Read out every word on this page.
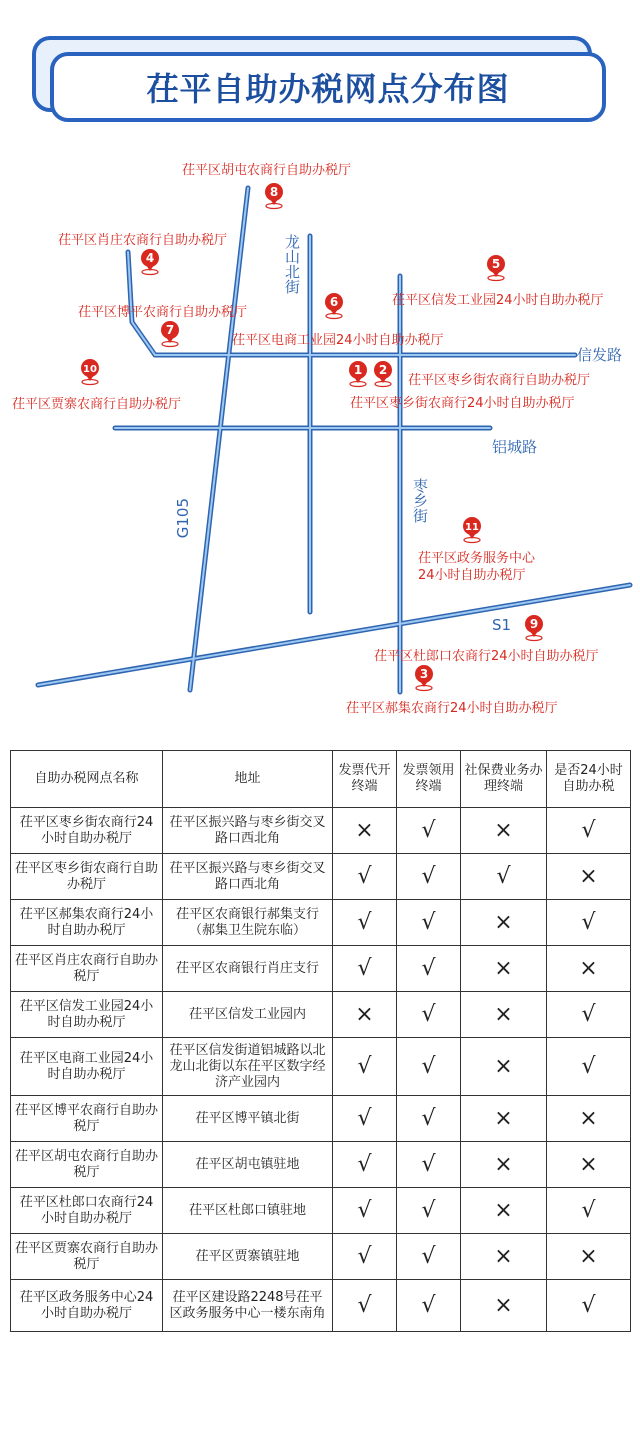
茌平自助办税网点分布图
1 2
3
4	5
6
7
8
9
10
11
信发路
铝城路
龙山北街
枣乡街
G105
S1
茌平区胡屯农商行自助办税厅
茌平区肖庄农商行自助办税厅
茌平区信发工业园24小时自助办税厅
茌平区博平农商行自助办税厅
茌平区电商工业园24小时自助办税厅
茌平区枣乡街农商行自助办税厅
茌平区贾寨农商行自助办税厅	茌平区枣乡街农商行24小时自助办税厅
茌平区政务服务中心
24小时自助办税厅
茌平区杜郎口农商行24小时自助办税厅
茌平区郝集农商行24小时自助办税厅
自助办税网点名称	地址	发票代开终端	发票领用终端	社保费业务办理终端	是否24小时自助办税
茌平区枣乡街农商行24小时自助办税厅	茌平区振兴路与枣乡街交叉路口西北角	×	√	×	√
茌平区枣乡街农商行自助办税厅	茌平区振兴路与枣乡街交叉路口西北角	√	√	√	×
茌平区郝集农商行24小时自助办税厅	茌平区农商银行郝集支行（郝集卫生院东临）	√	√	×	√
茌平区肖庄农商行自助办税厅	茌平区农商银行肖庄支行	√	√	×	×
茌平区信发工业园24小时自助办税厅	茌平区信发工业园内	×	√	×	√
茌平区电商工业园24小时自助办税厅	茌平区信发街道铝城路以北龙山北街以东茌平区数字经济产业园内	√	√	×	√
茌平区博平农商行自助办税厅	茌平区博平镇北街	√	√	×	×
茌平区胡屯农商行自助办税厅	茌平区胡屯镇驻地	√	√	×	×
茌平区杜郎口农商行24小时自助办税厅	茌平区杜郎口镇驻地	√	√	×	√
茌平区贾寨农商行自助办税厅	茌平区贾寨镇驻地	√	√	×	×
茌平区政务服务中心24小时自助办税厅	茌平区建设路2248号茌平区政务服务中心一楼东南角	√	√	×	√
